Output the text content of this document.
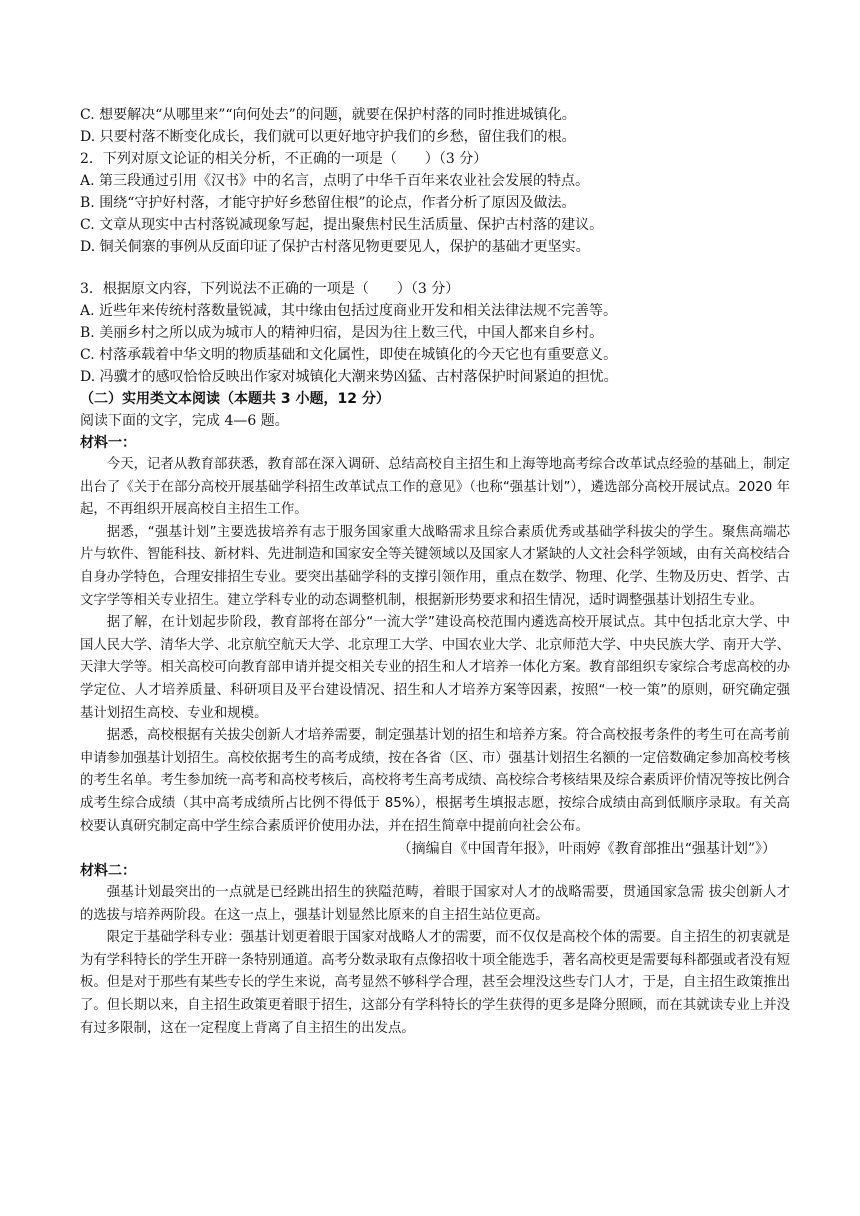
C. 想要解决“从哪里来”“向何处去”的问题，就要在保护村落的同时推进城镇化。
D. 只要村落不断变化成长，我们就可以更好地守护我们的乡愁，留住我们的根。
2．下列对原文论证的相关分析，不正确的一项是（　　）（3 分）
A. 第三段通过引用《汉书》中的名言，点明了中华千百年来农业社会发展的特点。
B. 围绕“守护好村落，才能守护好乡愁留住根”的论点，作者分析了原因及做法。
C. 文章从现实中古村落锐减现象写起，提出聚焦村民生活质量、保护古村落的建议。
D. 铜关侗寨的事例从反面印证了保护古村落见物更要见人，保护的基础才更坚实。
3．根据原文内容，下列说法不正确的一项是（　　）（3 分）
A. 近些年来传统村落数量锐减，其中缘由包括过度商业开发和相关法律法规不完善等。
B. 美丽乡村之所以成为城市人的精神归宿，是因为往上数三代，中国人都来自乡村。
C. 村落承载着中华文明的物质基础和文化属性，即使在城镇化的今天它也有重要意义。
D. 冯骥才的感叹恰恰反映出作家对城镇化大潮来势凶猛、古村落保护时间紧迫的担忧。
（二）实用类文本阅读（本题共 3 小题，12 分）
阅读下面的文字，完成 4—6 题。
材料一：

今天，记者从教育部获悉，教育部在深入调研、总结高校自主招生和上海等地高考综合改革试点经验的基础上，制定出台了《关于在部分高校开展基础学科招生改革试点工作的意见》（也称“强基计划”），遴选部分高校开展试点。2020 年起，不再组织开展高校自主招生工作。

据悉，“强基计划”主要选拔培养有志于服务国家重大战略需求且综合素质优秀或基础学科拔尖的学生。聚焦高端芯片与软件、智能科技、新材料、先进制造和国家安全等关键领域以及国家人才紧缺的人文社会科学领域，由有关高校结合自身办学特色，合理安排招生专业。要突出基础学科的支撑引领作用，重点在数学、物理、化学、生物及历史、哲学、古文字学等相关专业招生。建立学科专业的动态调整机制，根据新形势要求和招生情况，适时调整强基计划招生专业。

据了解，在计划起步阶段，教育部将在部分“一流大学”建设高校范围内遴选高校开展试点。其中包括北京大学、中国人民大学、清华大学、北京航空航天大学、北京理工大学、中国农业大学、北京师范大学、中央民族大学、南开大学、天津大学等。相关高校可向教育部申请并提交相关专业的招生和人才培养一体化方案。教育部组织专家综合考虑高校的办学定位、人才培养质量、科研项目及平台建设情况、招生和人才培养方案等因素，按照“一校一策”的原则，研究确定强基计划招生高校、专业和规模。

据悉，高校根据有关拔尖创新人才培养需要，制定强基计划的招生和培养方案。符合高校报考条件的考生可在高考前申请参加强基计划招生。高校依据考生的高考成绩，按在各省（区、市）强基计划招生名额的一定倍数确定参加高校考核的考生名单。考生参加统一高考和高校考核后，高校将考生高考成绩、高校综合考核结果及综合素质评价情况等按比例合成考生综合成绩（其中高考成绩所占比例不得低于 85%），根据考生填报志愿，按综合成绩由高到低顺序录取。有关高校要认真研究制定高中学生综合素质评价使用办法，并在招生简章中提前向社会公布。

（摘编自《中国青年报》，叶雨婷《教育部推出“强基计划”》）
材料二：

强基计划最突出的一点就是已经跳出招生的狭隘范畴，着眼于国家对人才的战略需要，贯通国家急需 拔尖创新人才的选拔与培养两阶段。在这一点上，强基计划显然比原来的自主招生站位更高。

限定于基础学科专业：强基计划更着眼于国家对战略人才的需要，而不仅仅是高校个体的需要。自主招生的初衷就是为有学科特长的学生开辟一条特别通道。高考分数录取有点像招收十项全能选手，著名高校更是需要每科都强或者没有短板。但是对于那些有某些专长的学生来说，高考显然不够科学合理，甚至会埋没这些专门人才，于是，自主招生政策推出了。但长期以来，自主招生政策更着眼于招生，这部分有学科特长的学生获得的更多是降分照顾，而在其就读专业上并没有过多限制，这在一定程度上背离了自主招生的出发点。
